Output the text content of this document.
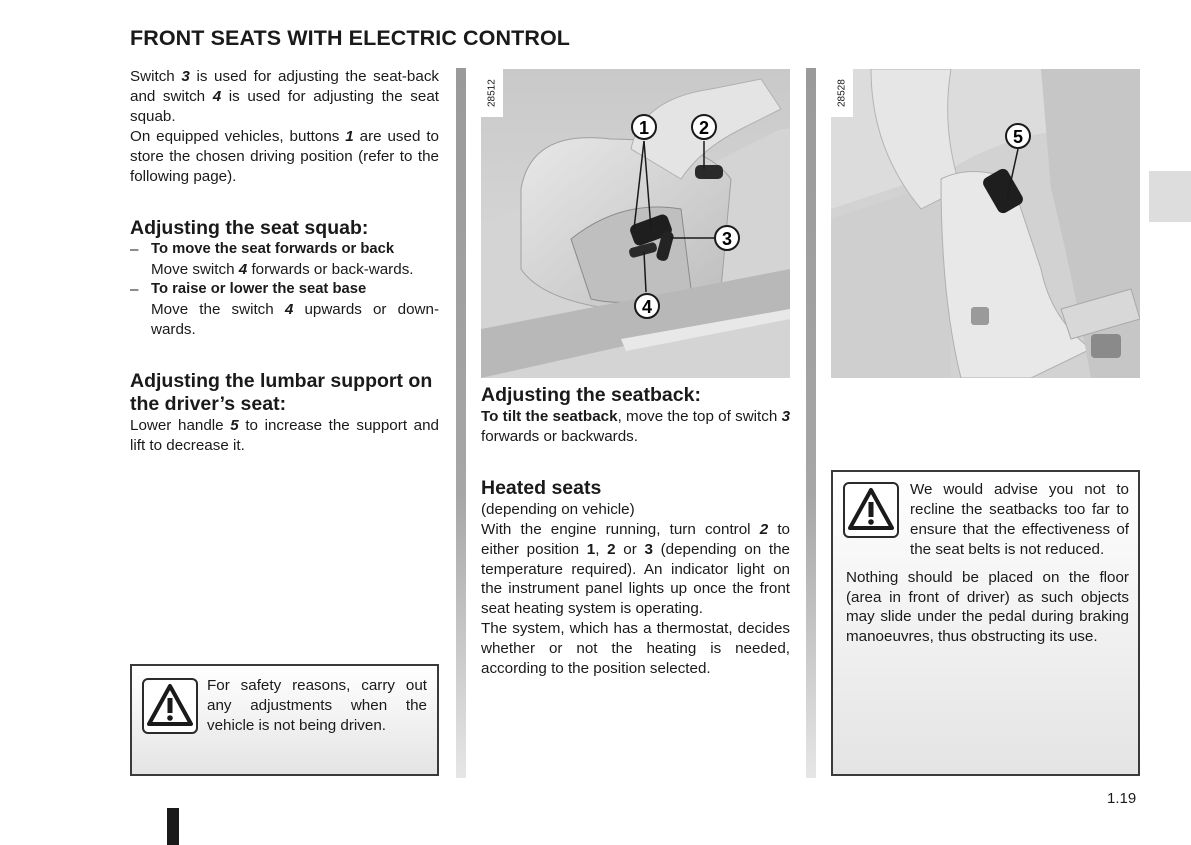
FRONT SEATS WITH ELECTRIC CONTROL

Switch 3 is used for adjusting the seat-back and switch 4 is used for adjusting the seat squab.

On equipped vehicles, buttons 1 are used to store the chosen driving position (refer to the following page).

Adjusting the seat squab:
– To move the seat forwards or back

Move switch 4 forwards or back-wards.

– To raise or lower the seat base

Move the switch 4 upwards or down-wards.

Adjusting the lumbar support on the driver’s seat:

Lower handle 5 to increase the support and lift to decrease it.

For safety reasons, carry out any adjustments when the vehicle is not being driven.
1	2
3
4
28512
Adjusting the seatback:

To tilt the seatback, move the top of switch 3 forwards or backwards.

Heated seats

(depending on vehicle)

With the engine running, turn control 2 to either position 1, 2 or 3 (depending on the temperature required). An indicator light on the instrument panel lights up once the front seat heating system is operating.

The system, which has a thermostat, decides whether or not the heating is needed, according to the position selected.

5
28528

We would advise you not to recline the seatbacks too far to ensure that the effectiveness of the seat belts is not reduced.

Nothing should be placed on the floor (area in front of driver) as such objects may slide under the pedal during braking manoeuvres, thus obstructing its use.

1.19
